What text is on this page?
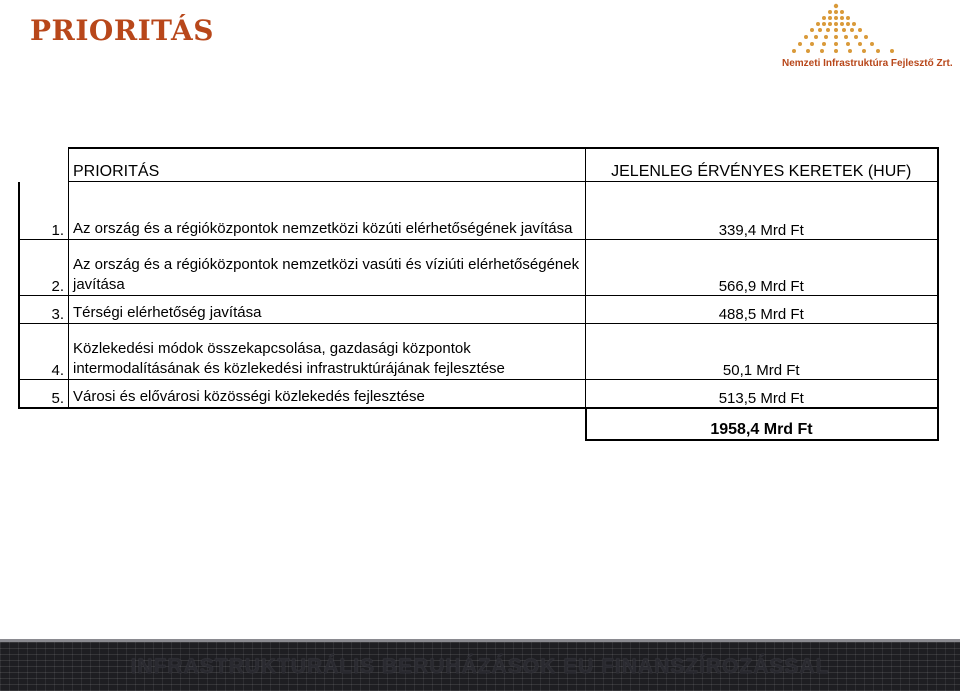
PRIORITÁS
Nemzeti Infrastruktúra Fejlesztő Zrt.
	PRIORITÁS	JELENLEG ÉRVÉNYES KERETEK (HUF)
1.	Az ország és a régióközpontok nemzetközi közúti elérhetőségének javítása	339,4 Mrd Ft
2.	Az ország és a régióközpontok nemzetközi vasúti és víziúti elérhetőségének javítása	566,9 Mrd Ft
3.	Térségi elérhetőség javítása	488,5 Mrd Ft
4.	Közlekedési módok összekapcsolása, gazdasági központok intermodalításának és közlekedési infrastruktúrájának fejlesztése	50,1 Mrd Ft
5.	Városi és elővárosi közösségi közlekedés fejlesztése	513,5 Mrd Ft
		1958,4 Mrd Ft
INFRASTRUKTURÁLIS BERUHÁZÁSOK EU FINANSZÍROZÁSSAL
